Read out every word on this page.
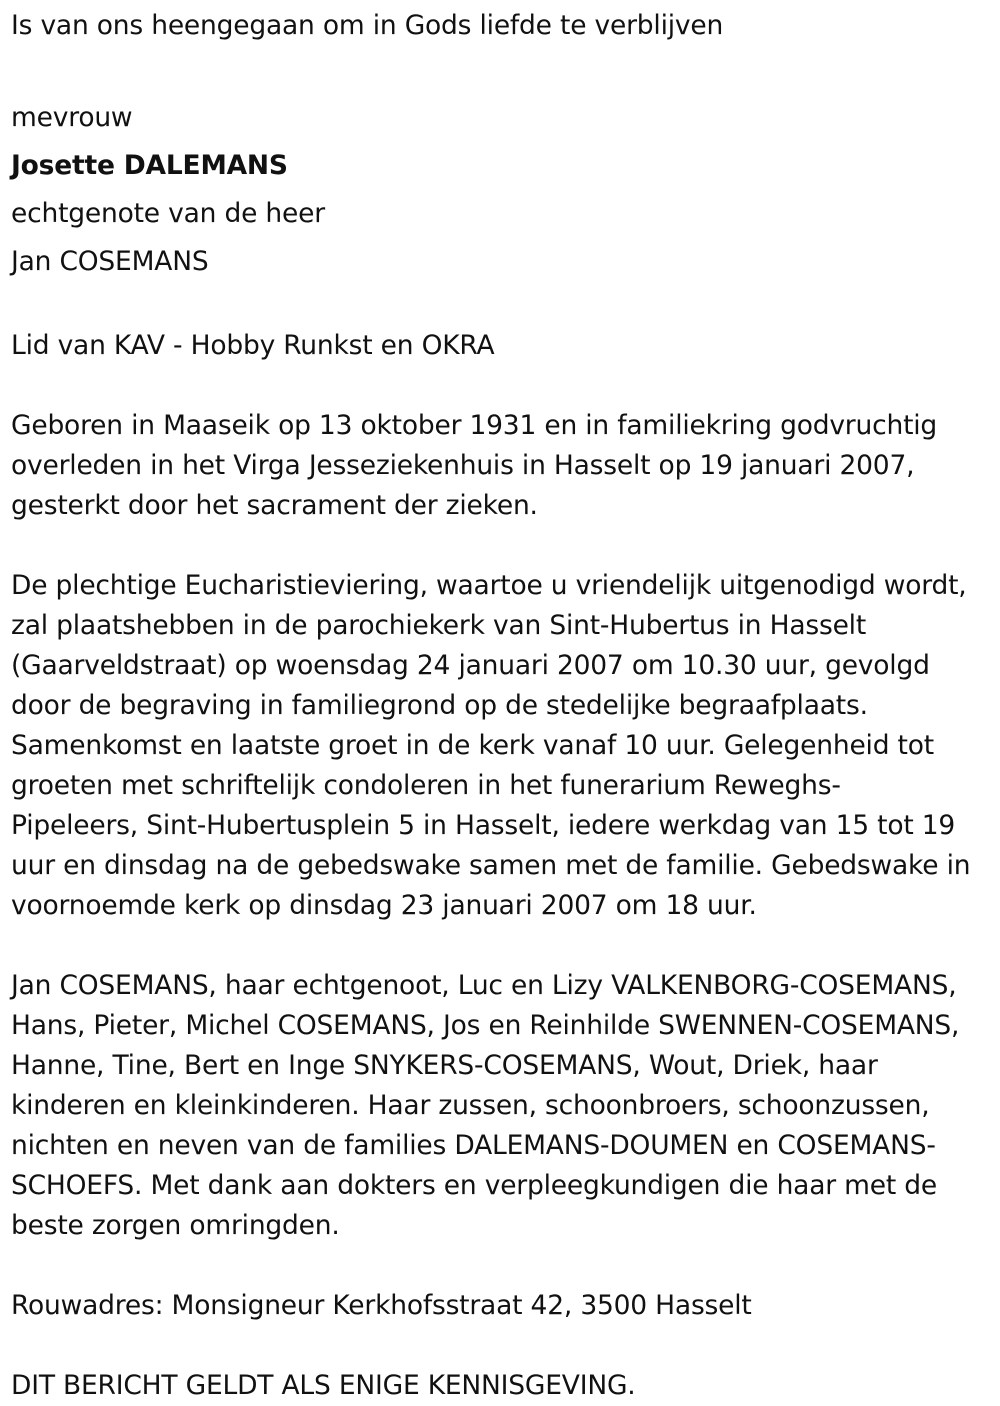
Is van ons heengegaan om in Gods liefde te verblijven

mevrouw

Josette DALEMANS

echtgenote van de heer

Jan COSEMANS

Lid van KAV - Hobby Runkst en OKRA

Geboren in Maaseik op 13 oktober 1931 en in familiekring godvruchtig

overleden in het Virga Jesseziekenhuis in Hasselt op 19 januari 2007,

gesterkt door het sacrament der zieken.

De plechtige Eucharistieviering, waartoe u vriendelijk uitgenodigd wordt,

zal plaatshebben in de parochiekerk van Sint-Hubertus in Hasselt

(Gaarveldstraat) op woensdag 24 januari 2007 om 10.30 uur, gevolgd

door de begraving in familiegrond op de stedelijke begraafplaats.

Samenkomst en laatste groet in de kerk vanaf 10 uur. Gelegenheid tot

groeten met schriftelijk condoleren in het funerarium Reweghs-

Pipeleers, Sint-Hubertusplein 5 in Hasselt, iedere werkdag van 15 tot 19

uur en dinsdag na de gebedswake samen met de familie. Gebedswake in

voornoemde kerk op dinsdag 23 januari 2007 om 18 uur.

Jan COSEMANS, haar echtgenoot, Luc en Lizy VALKENBORG-COSEMANS,

Hans, Pieter, Michel COSEMANS, Jos en Reinhilde SWENNEN-COSEMANS,

Hanne, Tine, Bert en Inge SNYKERS-COSEMANS, Wout, Driek, haar

kinderen en kleinkinderen. Haar zussen, schoonbroers, schoonzussen,

nichten en neven van de families DALEMANS-DOUMEN en COSEMANS-

SCHOEFS. Met dank aan dokters en verpleegkundigen die haar met de

beste zorgen omringden.

Rouwadres: Monsigneur Kerkhofsstraat 42, 3500 Hasselt

DIT BERICHT GELDT ALS ENIGE KENNISGEVING.
